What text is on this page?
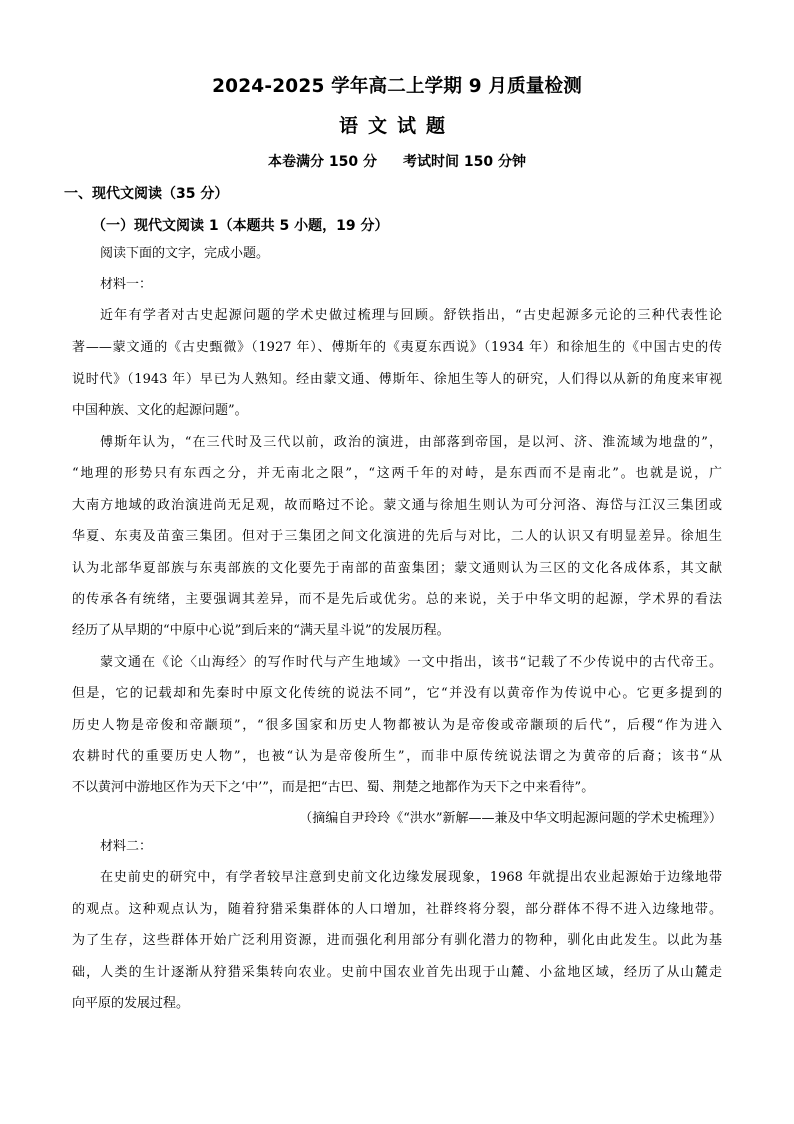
2024-2025 学年高二上学期 9 月质量检测
语文试题
本卷满分 150 分 考试时间 150 分钟
一、现代文阅读（35 分）
（一）现代文阅读 1（本题共 5 小题，19 分）
阅读下面的文字，完成小题。
材料一：
近年有学者对古史起源问题的学术史做过梳理与回顾。舒铁指出，“古史起源多元论的三种代表性论
著——蒙文通的《古史甄微》（1927 年）、傅斯年的《夷夏东西说》（1934 年）和徐旭生的《中国古史的传
说时代》（1943 年）早已为人熟知。经由蒙文通、傅斯年、徐旭生等人的研究，人们得以从新的角度来审视
中国种族、文化的起源问题”。
傅斯年认为，“在三代时及三代以前，政治的演进，由部落到帝国，是以河、济、淮流域为地盘的”，
“地理的形势只有东西之分，并无南北之限”，“这两千年的对峙，是东西而不是南北”。也就是说，广
大南方地域的政治演进尚无足观，故而略过不论。蒙文通与徐旭生则认为可分河洛、海岱与江汉三集团或
华夏、东夷及苗蛮三集团。但对于三集团之间文化演进的先后与对比，二人的认识又有明显差异。徐旭生
认为北部华夏部族与东夷部族的文化要先于南部的苗蛮集团；蒙文通则认为三区的文化各成体系，其文献
的传承各有统绪，主要强调其差异，而不是先后或优劣。总的来说，关于中华文明的起源，学术界的看法
经历了从早期的“中原中心说”到后来的“满天星斗说”的发展历程。
蒙文通在《论〈山海经〉的写作时代与产生地域》一文中指出，该书“记载了不少传说中的古代帝王。
但是，它的记载却和先秦时中原文化传统的说法不同”，它“并没有以黄帝作为传说中心。它更多提到的
历史人物是帝俊和帝颛顼”，“很多国家和历史人物都被认为是帝俊或帝颛顼的后代”，后稷“作为进入
农耕时代的重要历史人物”，也被“认为是帝俊所生”，而非中原传统说法谓之为黄帝的后裔；该书“从
不以黄河中游地区作为天下之‘中’”，而是把“古巴、蜀、荆楚之地都作为天下之中来看待”。
（摘编自尹玲玲《“洪水”新解——兼及中华文明起源问题的学术史梳理》）
材料二：
在史前史的研究中，有学者较早注意到史前文化边缘发展现象，1968 年就提出农业起源始于边缘地带
的观点。这种观点认为，随着狩猎采集群体的人口增加，社群终将分裂，部分群体不得不进入边缘地带。
为了生存，这些群体开始广泛利用资源，进而强化利用部分有驯化潜力的物种，驯化由此发生。以此为基
础，人类的生计逐渐从狩猎采集转向农业。史前中国农业首先出现于山麓、小盆地区域，经历了从山麓走
向平原的发展过程。
